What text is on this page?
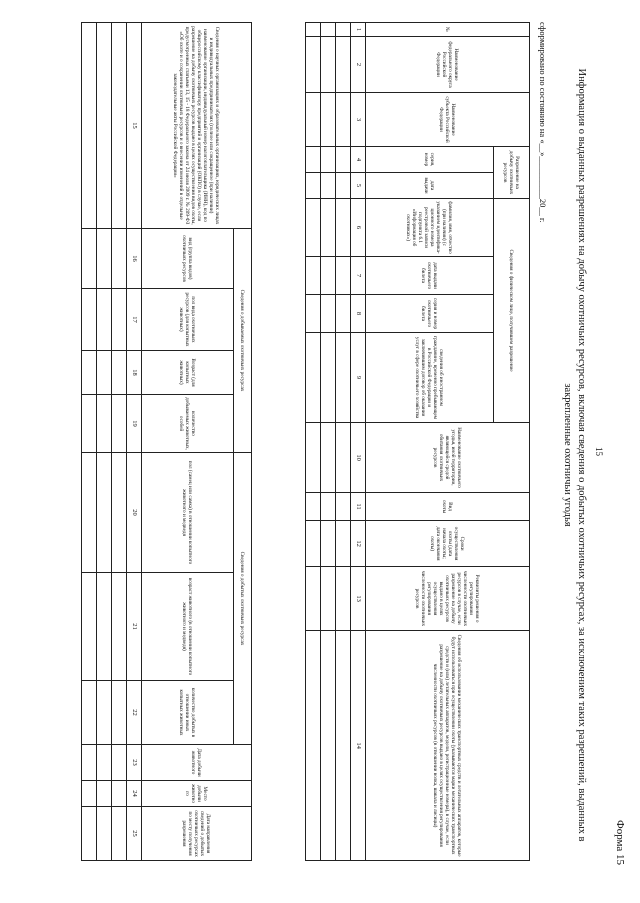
Форма 15
15
Информация о выданных разрешениях на добычу охотничьих ресурсов, включая сведения о добытых охотничьих ресурсах, за исключением таких разрешений, выданных в закрепленные охотничьи угодья
сформировано по состоянию на «__»__________20__ г.
№	Наименование федерального округа Российской Федерации	Наименование субъекта Российской Федерации	Разрешение на добычу охотничьих ресурсов		Сведения о физическом лице, получившем разрешение				Наименование охотничьего угодья, иной территории, являющейся средой обитания охотничьих ресурсов	Вид охоты	Сроки осуществления охоты (дата начала охоты; дата окончания охоты)	Реквизиты решения о регулировании численности охотничьих ресурсов в случае, если разрешение на добычу охотничьих ресурсов выдано в целях осуществления регулирования численности охотничьих ресурсов	Сведения об использовании механических транспортных средств и летательных аппаратов, которые будут использоваться при осуществлении охоты (указываются марки механических транспортных средств и (или) летательных аппаратов, модели, регистрационные номера), в случае, если разрешение на добычу охотничьих ресурсов выдано в целях осуществления регулирования численности охотничьих ресурсов (в отношении волка, шакала и лисицы)
			серия, номер	дата выдачи	фамилия, имя, отчество (при наличии) (с указанием идентифика-ционного номера реестровой записи подпункта 6.1 «Информация об охотниках»)	дата выдачи охотничьего билета	серия и номер охотничьего билета	сведения об иностранном гражданине, временно пребывающем в Российской Федерации и заключившим договор об оказании услуг в сфере охотничьего хозяйства					
1	2	3	4	5	6	7	8	9	10	11	12	13	14

Сведения о научных организациях и образовательных организациях, юридических лицах и индивидуальных предпринимателях (полное или сокращенное (при наличии) наименование организации, индивидуальный номер налогоплательщика (ИНН), код по общероссийскому классификатору предприятий и организаций (ОКПО) в случае, если разрешение на добычу охотничьих ресурсов выдано в целях осуществления видов охоты, предусмотренных статьями 13, 15 - 18 Федерального закона от 24 июля 2009 г. № 209-ФЗ «Об охоте и о сохранении охотничьих ресурсов и о внесении изменений в отдельные законодательные акты Российской Федерации»	Сведения о добываемых охотничьих ресурсах				Сведения о добытых охотничьих ресурсах			Дата добычи животного	Место добычи животного	Дата направления сведений о добытых охотничьих ресурсах по месту получения разрешения
	вид (группа видов) охотничьих ресурсов	пол вида охотничьих ресурсов (для копытных животных)	Возраст (для копытных животных)	количество добываемых животных, особей	пол (самец или самка) в отношении копытного животного и медведя	возраст животного (в отношении копытного животного и медведя)	количество добытых в отношении иных копытных животных			
15	16	17	18	19	20	21	22	23	24	25
